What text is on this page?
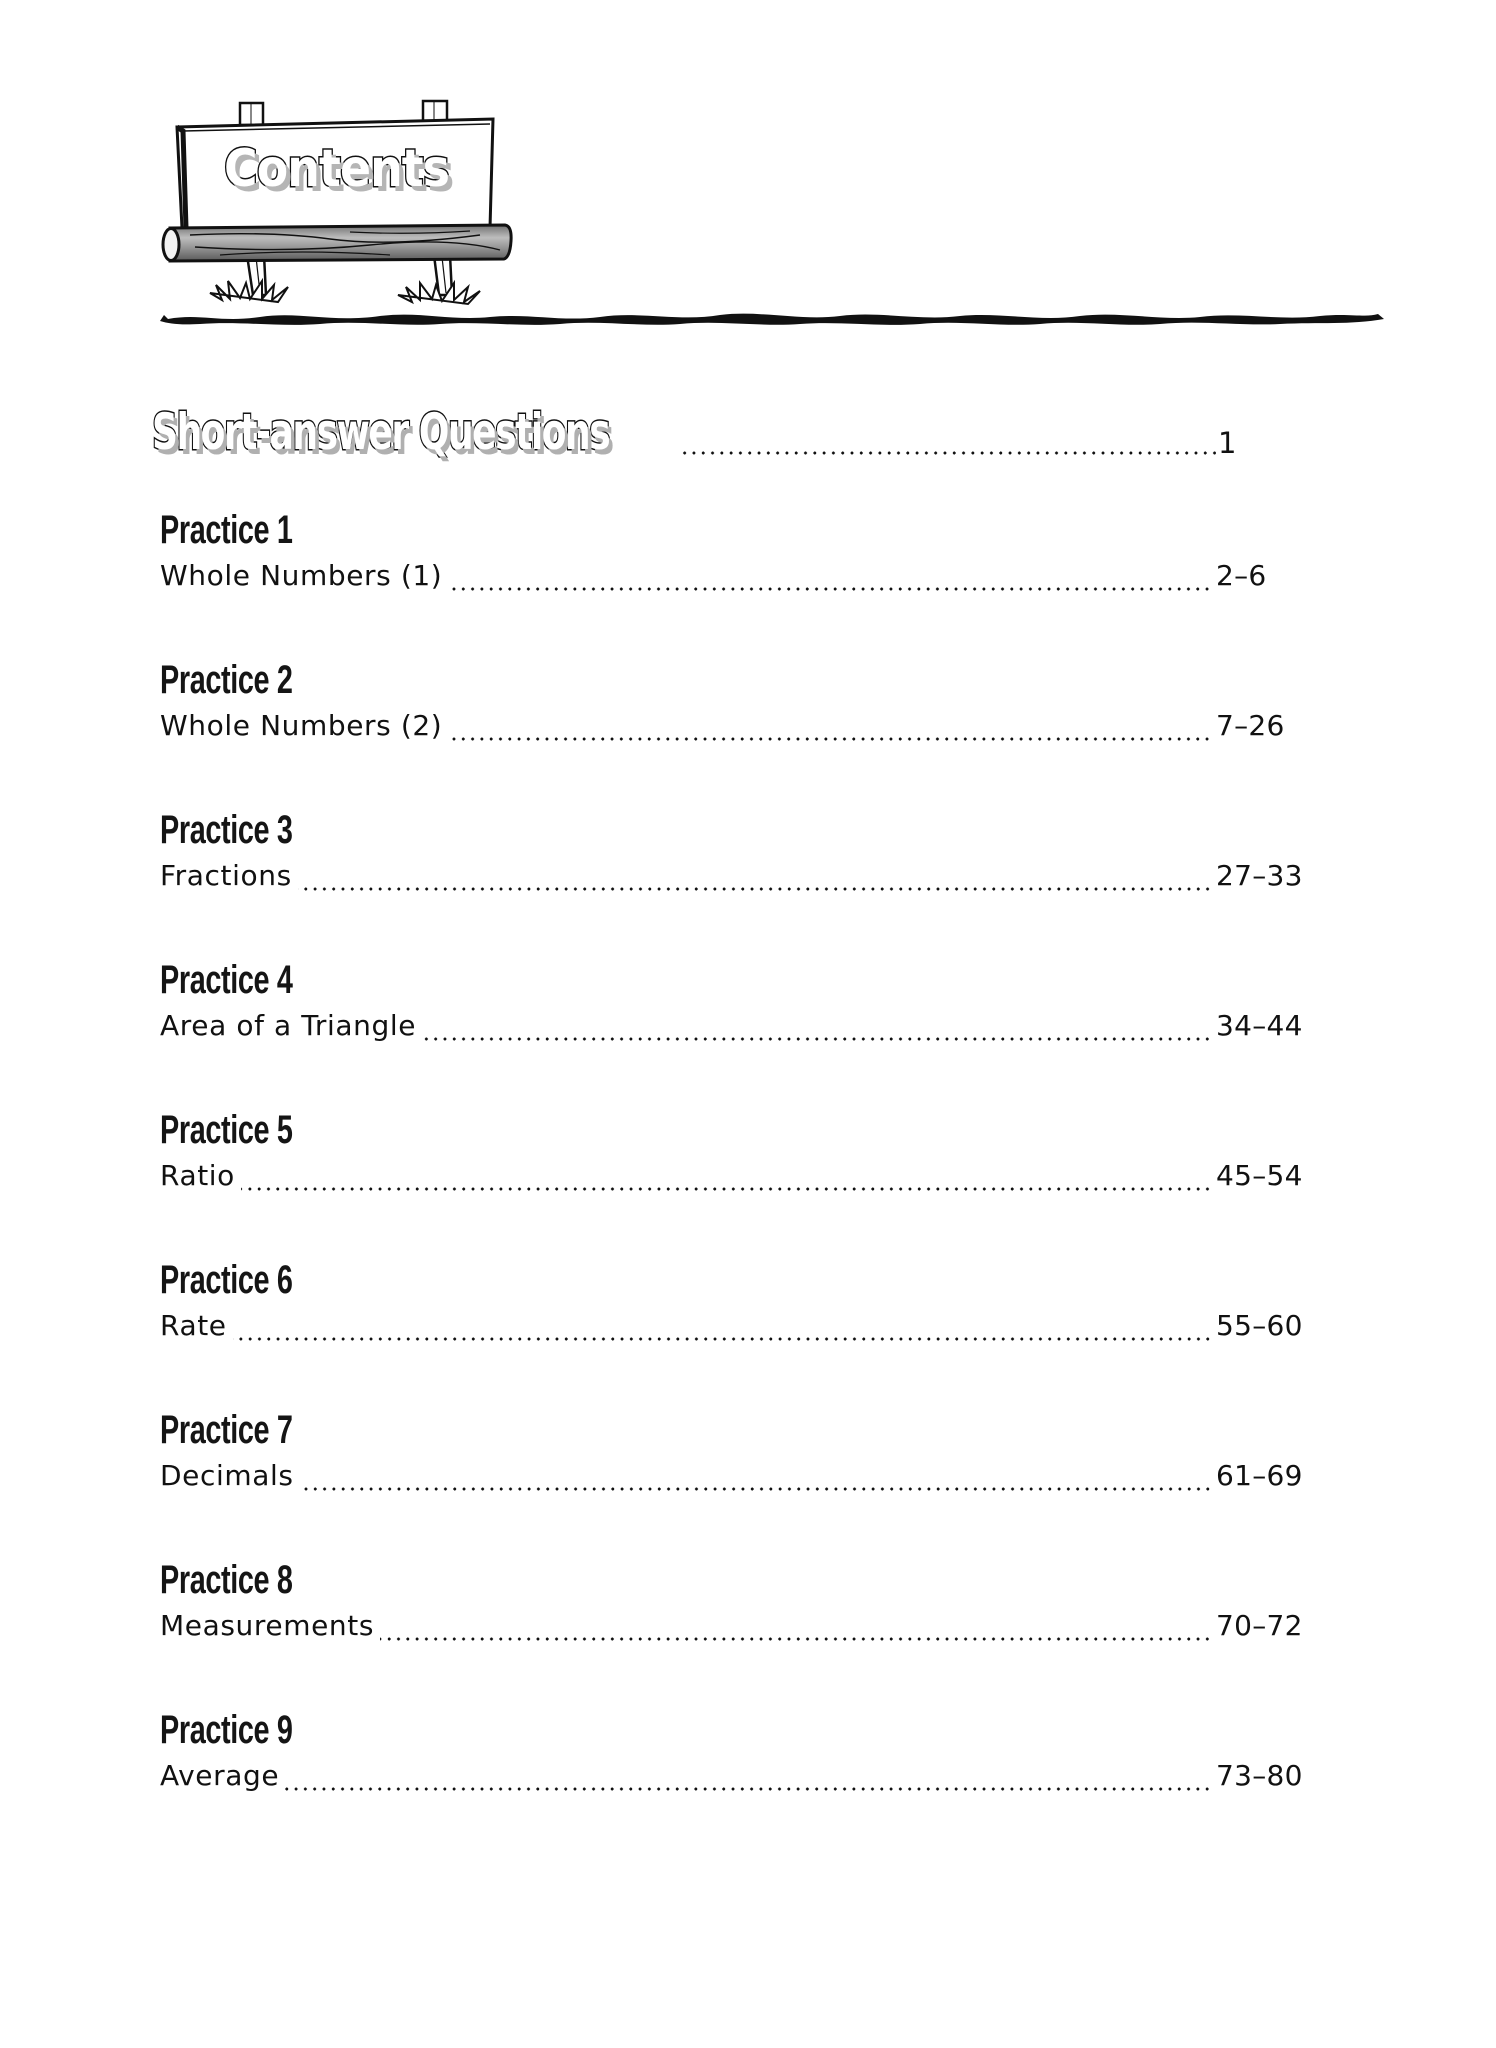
Contents
Short-answer Questions	1
Practice 1
Whole Numbers (1)	2–6
Practice 2
Whole Numbers (2)	7–26
Practice 3
Fractions	27–33
Practice 4
Area of a Triangle	34–44
Practice 5
Ratio	45–54
Practice 6
Rate	55–60
Practice 7
Decimals	61–69
Practice 8
Measurements	70–72
Practice 9
Average	73–80
